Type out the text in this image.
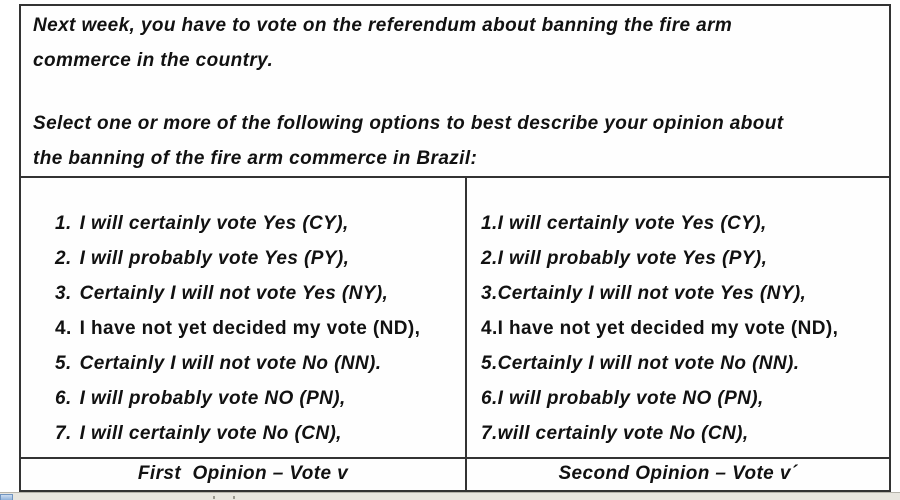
Next week, you have to vote on the referendum about banning the fire arm
commerce in the country.
Select one or more of the following options to best describe your opinion about
the banning of the fire arm commerce in Brazil:
1. I will certainly vote Yes (CY),
2. I will probably vote Yes (PY),
3. Certainly I will not vote Yes (NY),
4. I have not yet decided my vote (ND),
5. Certainly I will not vote No (NN).
6. I will probably vote NO (PN),
7. I will certainly vote No (CN),
1.I will certainly vote Yes (CY),
2.I will probably vote Yes (PY),
3.Certainly I will not vote Yes (NY),
4.I have not yet decided my vote (ND),
5.Certainly I will not vote No (NN).
6.I will probably vote NO (PN),
7.will certainly vote No (CN),
First  Opinion – Vote v	Second Opinion – Vote v´
